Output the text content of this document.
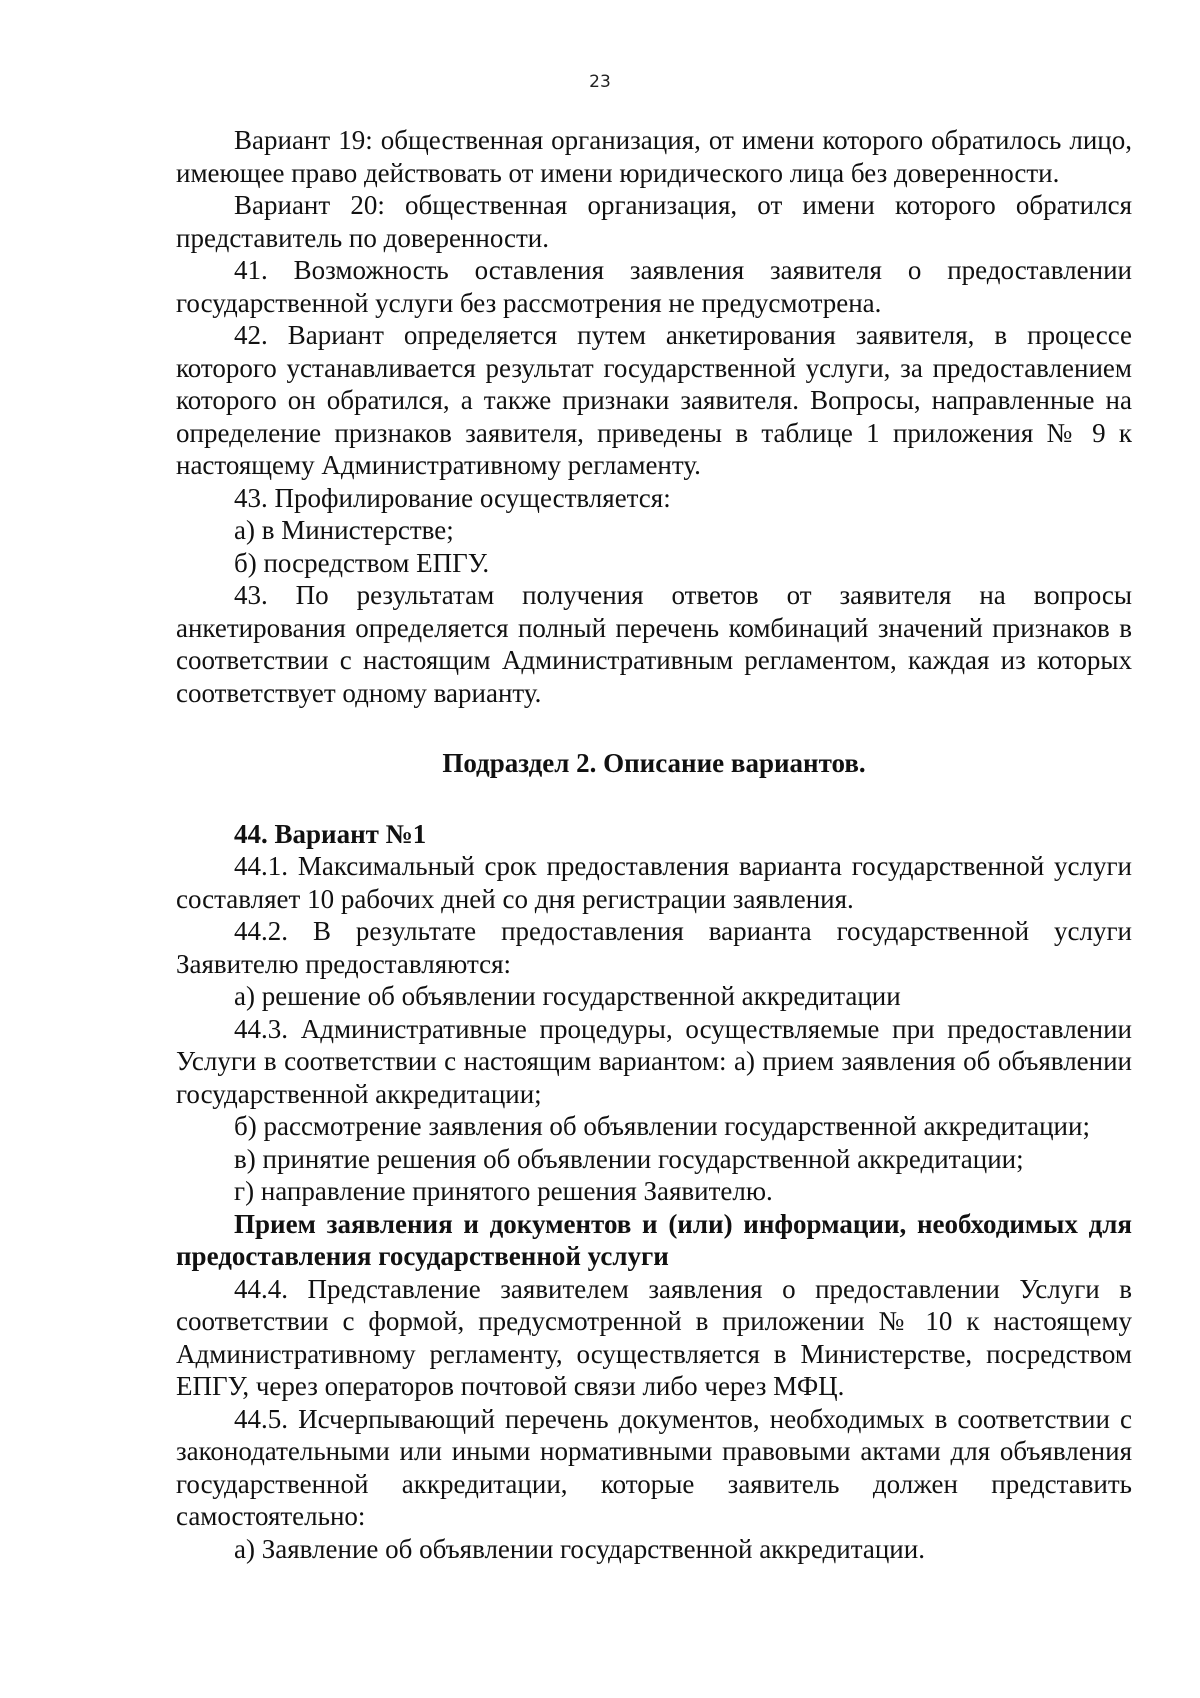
23

Вариант 19: общественная организация, от имени которого обратилось лицо, имеющее право действовать от имени юридического лица без доверенности.

Вариант 20: общественная организация, от имени которого обратился представитель по доверенности.

41. Возможность оставления заявления заявителя о предоставлении государственной услуги без рассмотрения не предусмотрена.

42. Вариант определяется путем анкетирования заявителя, в процессе которого устанавливается результат государственной услуги, за предоставлением которого он обратился, а также признаки заявителя. Вопросы, направленные на определение признаков заявителя, приведены в таблице 1 приложения № 9 к настоящему Административному регламенту.

43. Профилирование осуществляется:

а) в Министерстве;

б) посредством ЕПГУ.

43. По результатам получения ответов от заявителя на вопросы анкетирования определяется полный перечень комбинаций значений признаков в соответствии с настоящим Административным регламентом, каждая из которых соответствует одному варианту.

Подраздел 2. Описание вариантов.

44. Вариант №1

44.1. Максимальный срок предоставления варианта государственной услуги составляет 10 рабочих дней со дня регистрации заявления.

44.2. В результате предоставления варианта государственной услуги Заявителю предоставляются:

а) решение об объявлении государственной аккредитации

44.3. Административные процедуры, осуществляемые при предоставлении Услуги в соответствии с настоящим вариантом: а) прием заявления об объявлении государственной аккредитации;

б) рассмотрение заявления об объявлении государственной аккредитации;

в) принятие решения об объявлении государственной аккредитации;

г) направление принятого решения Заявителю.

Прием заявления и документов и (или) информации, необходимых для предоставления государственной услуги

44.4. Представление заявителем заявления о предоставлении Услуги в соответствии с формой, предусмотренной в приложении № 10 к настоящему Административному регламенту, осуществляется в Министерстве, посредством ЕПГУ, через операторов почтовой связи либо через МФЦ.

44.5. Исчерпывающий перечень документов, необходимых в соответствии с законодательными или иными нормативными правовыми актами для объявления государственной аккредитации, которые заявитель должен представить самостоятельно:

а) Заявление об объявлении государственной аккредитации.
